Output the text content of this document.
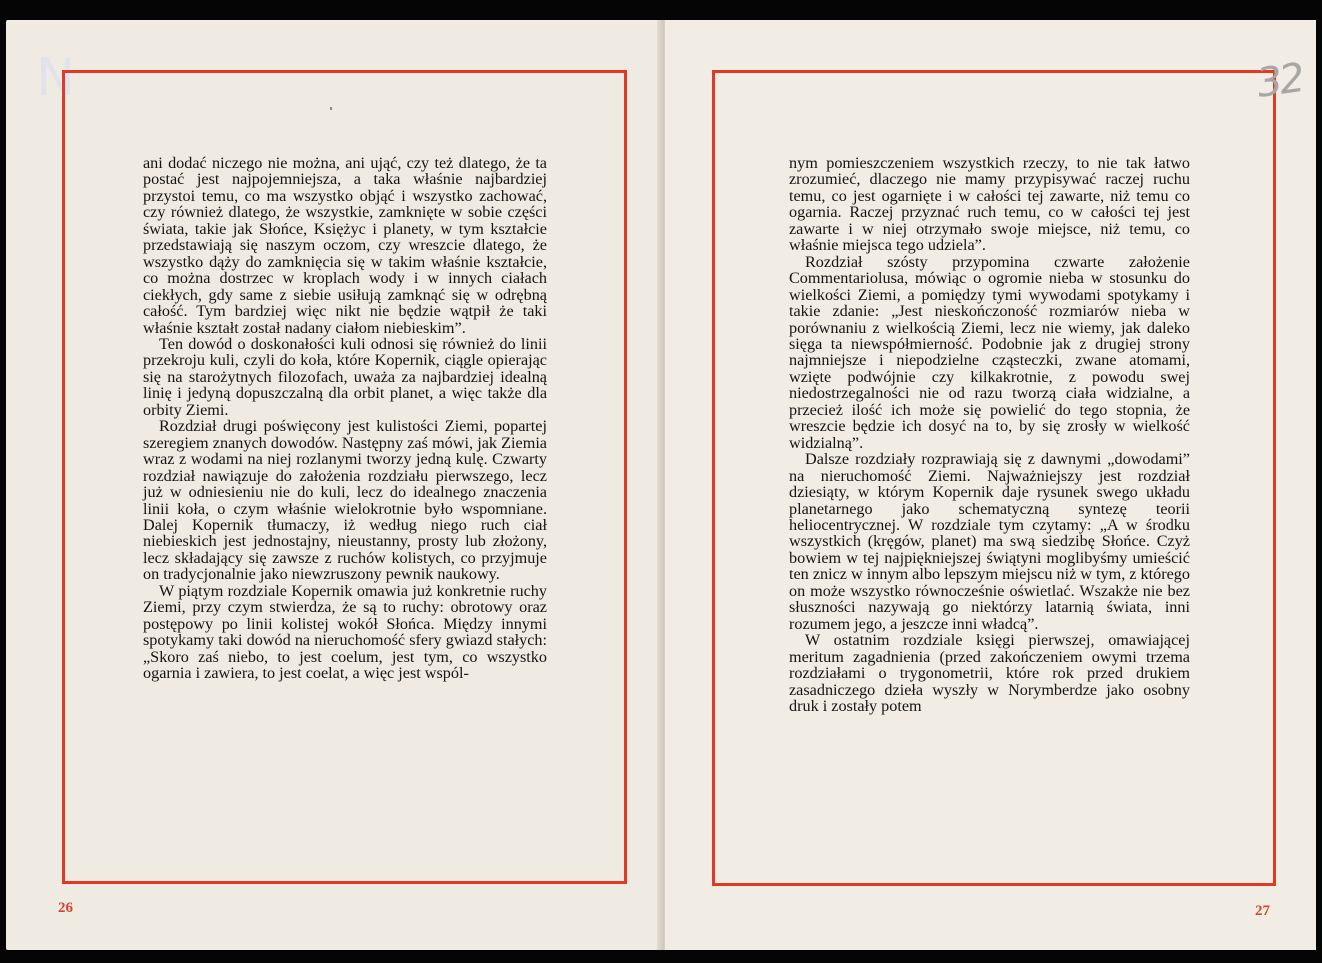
N

ani dodać niczego nie można, ani ująć, czy też dlatego, że ta postać jest najpojemniejsza, a taka właśnie najbardziej przystoi temu, co ma wszystko objąć i wszystko zachować, czy również dlatego, że wszystkie, zamknięte w sobie części świata, takie jak Słońce, Księżyc i planety, w tym kształcie przedstawiają się naszym oczom, czy wreszcie dlatego, że wszystko dąży do zamknięcia się w takim właśnie kształcie, co można dostrzec w kroplach wody i w innych ciałach ciekłych, gdy same z siebie usiłują zamknąć się w odrębną całość. Tym bardziej więc nikt nie będzie wątpił że taki właśnie kształt został nadany ciałom niebieskim”.

Ten dowód o doskonałości kuli odnosi się również do linii przekroju kuli, czyli do koła, które Kopernik, ciągle opierając się na starożytnych filozofach, uważa za najbardziej idealną linię i jedyną dopuszczalną dla orbit planet, a więc także dla orbity Ziemi.

Rozdział drugi poświęcony jest kulistości Ziemi, popartej szeregiem znanych dowodów. Następny zaś mówi, jak Ziemia wraz z wodami na niej rozlanymi tworzy jedną kulę. Czwarty rozdział nawiązuje do założenia rozdziału pierwszego, lecz już w odniesieniu nie do kuli, lecz do idealnego znaczenia linii koła, o czym właśnie wielokrotnie było wspomniane. Dalej Kopernik tłumaczy, iż według niego ruch ciał niebieskich jest jednostajny, nieustanny, prosty lub złożony, lecz składający się zawsze z ruchów kolistych, co przyjmuje on tradycjonalnie jako niewzruszony pewnik naukowy.

W piątym rozdziale Kopernik omawia już konkretnie ruchy Ziemi, przy czym stwierdza, że są to ruchy: obrotowy oraz postępowy po linii kolistej wokół Słońca. Między innymi spotykamy taki dowód na nieruchomość sfery gwiazd stałych: „Skoro zaś niebo, to jest coelum, jest tym, co wszystko ogarnia i zawiera, to jest coelat, a więc jest wspól-

26
32

nym pomieszczeniem wszystkich rzeczy, to nie tak łatwo zrozumieć, dlaczego nie mamy przypisywać raczej ruchu temu, co jest ogarnięte i w całości tej zawarte, niż temu co ogarnia. Raczej przyznać ruch temu, co w całości tej jest zawarte i w niej otrzymało swoje miejsce, niż temu, co właśnie miejsca tego udziela”.

Rozdział szósty przypomina czwarte założenie Commentariolusa, mówiąc o ogromie nieba w stosunku do wielkości Ziemi, a pomiędzy tymi wywodami spotykamy i takie zdanie: „Jest nieskończoność rozmiarów nieba w porównaniu z wielkością Ziemi, lecz nie wiemy, jak daleko sięga ta niewspółmierność. Podobnie jak z drugiej strony najmniejsze i niepodzielne cząsteczki, zwane atomami, wzięte podwójnie czy kilkakrotnie, z powodu swej niedostrzegalności nie od razu tworzą ciała widzialne, a przecież ilość ich może się powielić do tego stopnia, że wreszcie będzie ich dosyć na to, by się zrosły w wielkość widzialną”.

Dalsze rozdziały rozprawiają się z dawnymi „dowodami” na nieruchomość Ziemi. Najważniejszy jest rozdział dziesiąty, w którym Kopernik daje rysunek swego układu planetarnego jako schematyczną syntezę teorii heliocentrycznej. W rozdziale tym czytamy: „A w środku wszystkich (kręgów, planet) ma swą siedzibę Słońce. Czyż bowiem w tej najpiękniejszej świątyni moglibyśmy umieścić ten znicz w innym albo lepszym miejscu niż w tym, z którego on może wszystko równocześnie oświetlać. Wszakże nie bez słuszności nazywają go niektórzy latarnią świata, inni rozumem jego, a jeszcze inni władcą”.

W ostatnim rozdziale księgi pierwszej, omawiającej meritum zagadnienia (przed zakończeniem owymi trzema rozdziałami o trygonometrii, które rok przed drukiem zasadniczego dzieła wyszły w Norymberdze jako osobny druk i zostały potem

27
